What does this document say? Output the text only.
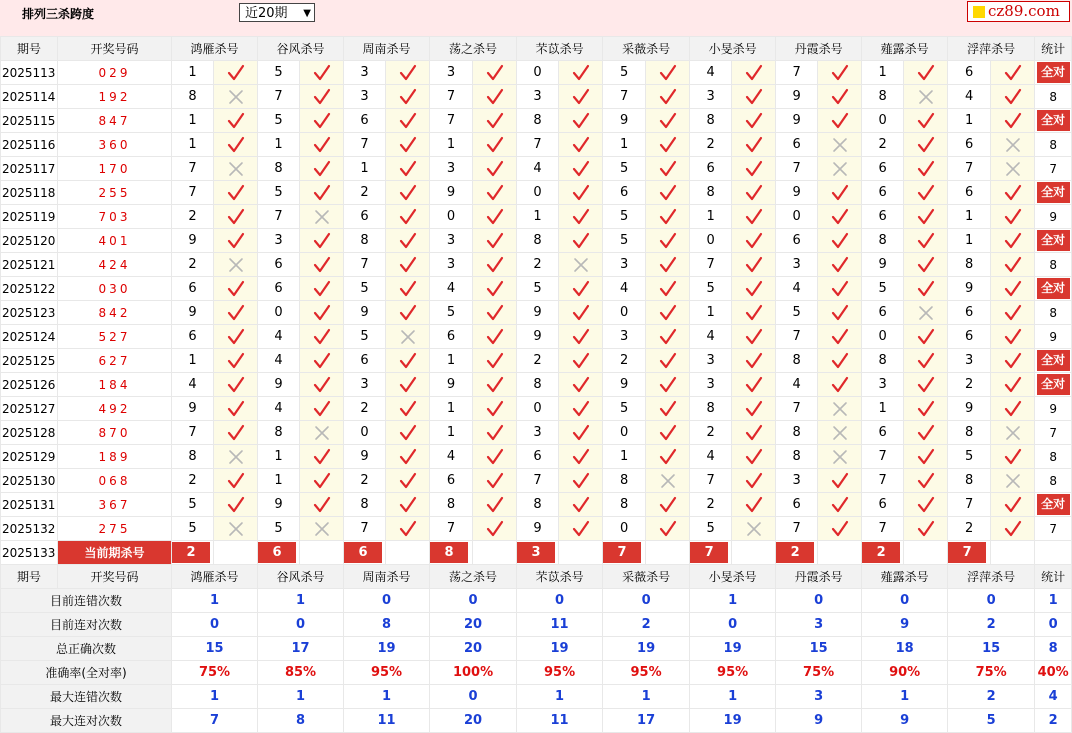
排列三杀跨度	近20期 ▼	cz89.com
期号	开奖号码	鸿雁杀号		谷风杀号		周南杀号		荡之杀号		芣苡杀号		采薇杀号		小旻杀号		丹霞杀号		薤露杀号		浮萍杀号		统计
2025113	029	1		5		3		3		0		5		4		7		1		6		全对
2025114	192	8		7		3		7		3		7		3		9		8		4		8
2025115	847	1		5		6		7		8		9		8		9		0		1		全对
2025116	360	1		1		7		1		7		1		2		6		2		6		8
2025117	170	7		8		1		3		4		5		6		7		6		7		7
2025118	255	7		5		2		9		0		6		8		9		6		6		全对
2025119	703	2		7		6		0		1		5		1		0		6		1		9
2025120	401	9		3		8		3		8		5		0		6		8		1		全对
2025121	424	2		6		7		3		2		3		7		3		9		8		8
2025122	030	6		6		5		4		5		4		5		4		5		9		全对
2025123	842	9		0		9		5		9		0		1		5		6		6		8
2025124	527	6		4		5		6		9		3		4		7		0		6		9
2025125	627	1		4		6		1		2		2		3		8		8		3		全对
2025126	184	4		9		3		9		8		9		3		4		3		2		全对
2025127	492	9		4		2		1		0		5		8		7		1		9		9
2025128	870	7		8		0		1		3		0		2		8		6		8		7
2025129	189	8		1		9		4		6		1		4		8		7		5		8
2025130	068	2		1		2		6		7		8		7		3		7		8		8
2025131	367	5		9		8		8		8		8		2		6		6		7		全对
2025132	275	5		5		7		7		9		0		5		7		7		2		7
2025133	当前期杀号	2		6		6		8		3		7		7		2		2		7		

期号	开奖号码	鸿雁杀号		谷风杀号		周南杀号		荡之杀号		芣苡杀号		采薇杀号		小旻杀号		丹霞杀号		薤露杀号		浮萍杀号		统计
目前连错次数		1		1		0		0		0		0		1		0		0		0		1
目前连对次数		0		0		8		20		11		2		0		3		9		2		0
总正确次数		15		17		19		20		19		19		19		15		18		15		8
准确率(全对率)		75%		85%		95%		100%		95%		95%		95%		75%		90%		75%		40%
最大连错次数		1		1		1		0		1		1		1		3		1		2		4
最大连对次数		7		8		11		20		11		17		19		9		9		5		2
